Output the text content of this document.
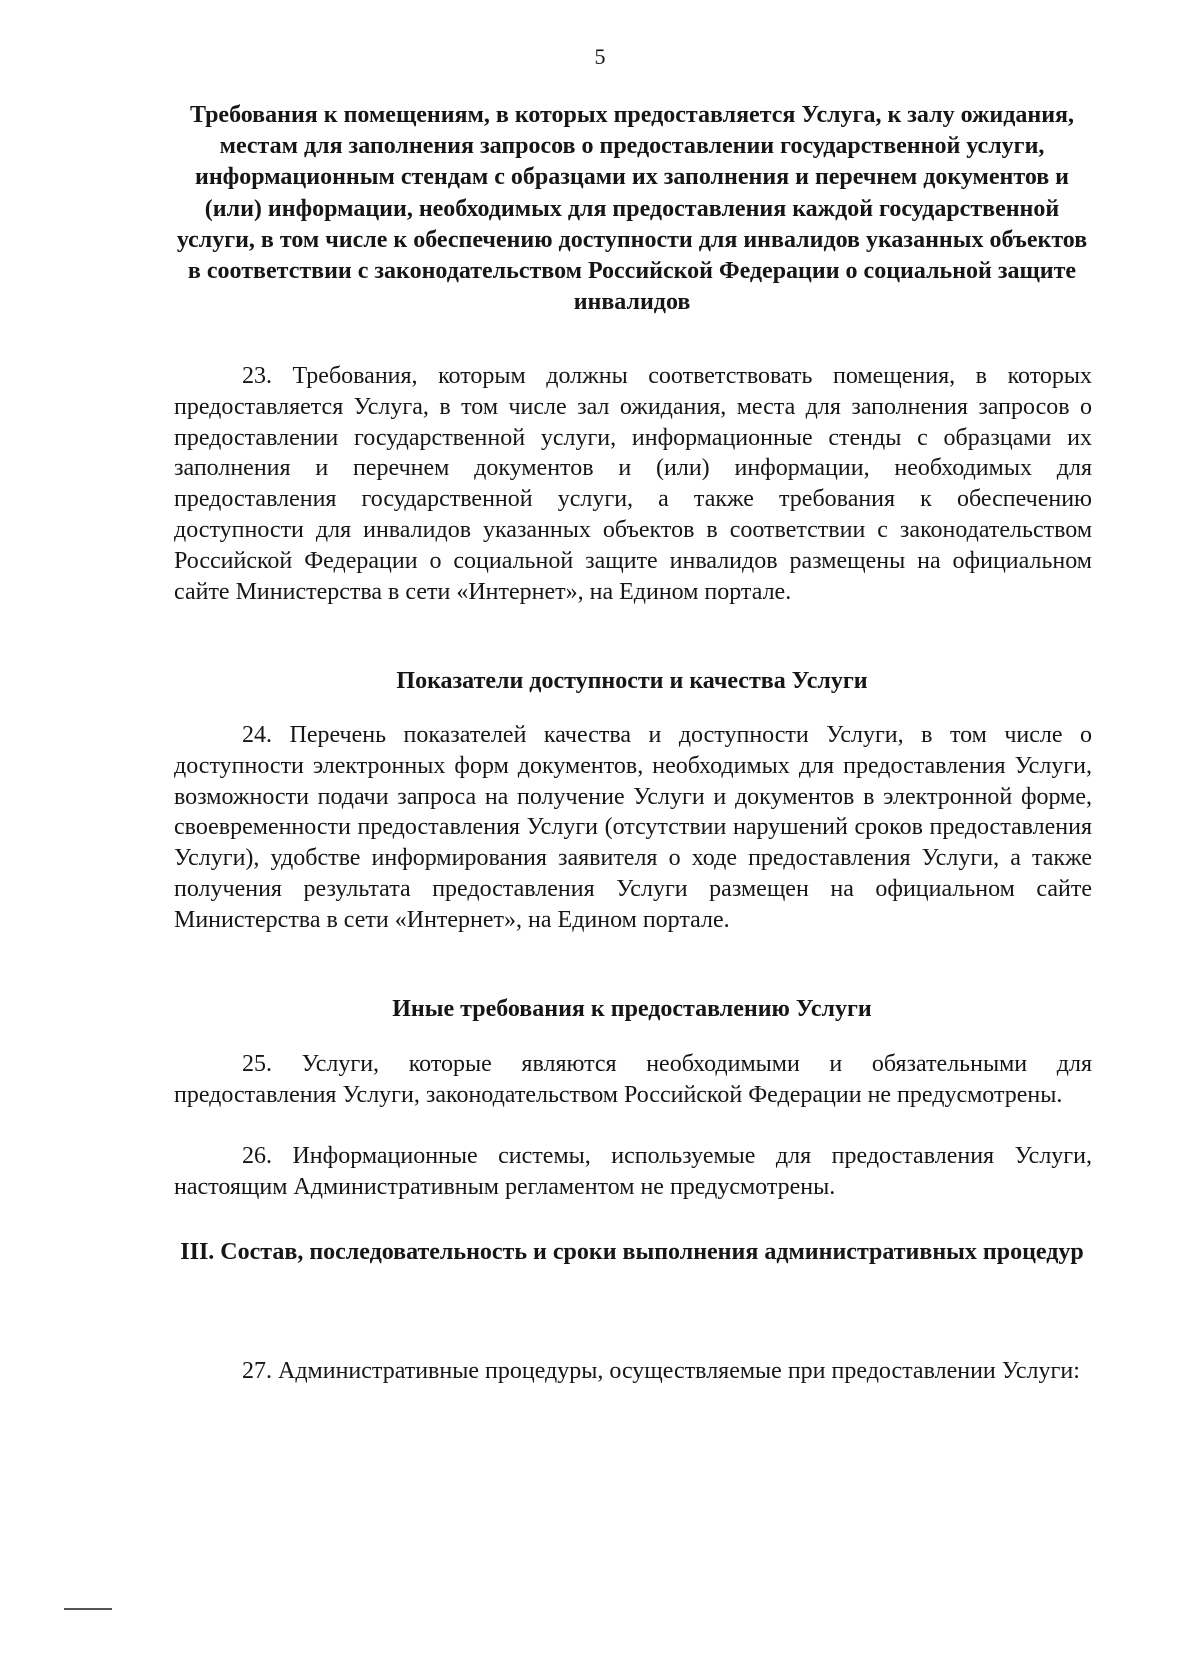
5
Требования к помещениям, в которых предоставляется Услуга, к залу ожидания, местам для заполнения запросов о предоставлении государственной услуги, информационным стендам с образцами их заполнения и перечнем документов и (или) информации, необходимых для предоставления каждой государственной услуги, в том числе к обеспечению доступности для инвалидов указанных объектов в соответствии с законодательством Российской Федерации о социальной защите инвалидов

23. Требования, которым должны соответствовать помещения, в которых предоставляется Услуга, в том числе зал ожидания, места для заполнения запросов о предоставлении государственной услуги, информационные стенды с образцами их заполнения и перечнем документов и (или) информации, необходимых для предоставления государственной услуги, а также требования к обеспечению доступности для инвалидов указанных объектов в соответствии с законодательством Российской Федерации о социальной защите инвалидов размещены на официальном сайте Министерства в сети «Интернет», на Едином портале.

Показатели доступности и качества Услуги

24. Перечень показателей качества и доступности Услуги, в том числе о доступности электронных форм документов, необходимых для предоставления Услуги, возможности подачи запроса на получение Услуги и документов в электронной форме, своевременности предоставления Услуги (отсутствии нарушений сроков предоставления Услуги), удобстве информирования заявителя о ходе предоставления Услуги, а также получения результата предоставления Услуги размещен на официальном сайте Министерства в сети «Интернет», на Едином портале.

Иные требования к предоставлению Услуги

25. Услуги, которые являются необходимыми и обязательными для предоставления Услуги, законодательством Российской Федерации не предусмотрены.

26. Информационные системы, используемые для предоставления Услуги, настоящим Административным регламентом не предусмотрены.

III. Состав, последовательность и сроки выполнения административных процедур

27. Административные процедуры, осуществляемые при предоставлении Услуги:
